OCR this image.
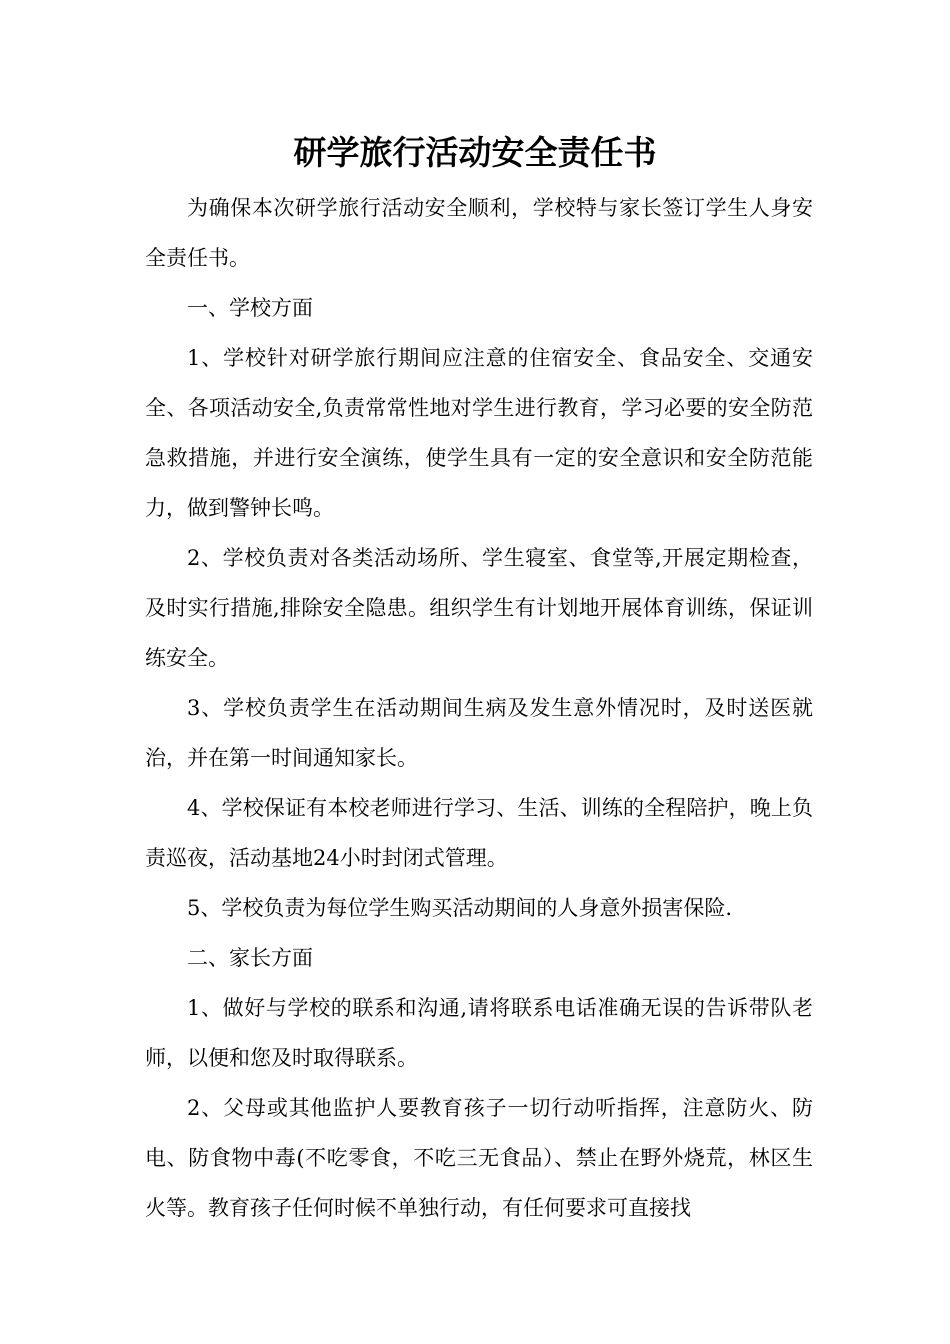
研学旅行活动安全责任书

为确保本次研学旅行活动安全顺利，学校特与家长签订学生人身安全责任书。

一、学校方面

1、学校针对研学旅行期间应注意的住宿安全、食品安全、交通安全、各项活动安全,负责常常性地对学生进行教育，学习必要的安全防范急救措施，并进行安全演练，使学生具有一定的安全意识和安全防范能力，做到警钟长鸣。

2、学校负责对各类活动场所、学生寝室、食堂等,开展定期检查，及时实行措施,排除安全隐患。组织学生有计划地开展体育训练，保证训练安全。

3、学校负责学生在活动期间生病及发生意外情况时，及时送医就治，并在第一时间通知家长。

4、学校保证有本校老师进行学习、生活、训练的全程陪护，晚上负责巡夜，活动基地24小时封闭式管理。

5、学校负责为每位学生购买活动期间的人身意外损害保险.

二、家长方面

1、做好与学校的联系和沟通,请将联系电话准确无误的告诉带队老师，以便和您及时取得联系。

2、父母或其他监护人要教育孩子一切行动听指挥，注意防火、防电、防食物中毒(不吃零食，不吃三无食品）、禁止在野外烧荒，林区生火等。教育孩子任何时候不单独行动，有任何要求可直接找
